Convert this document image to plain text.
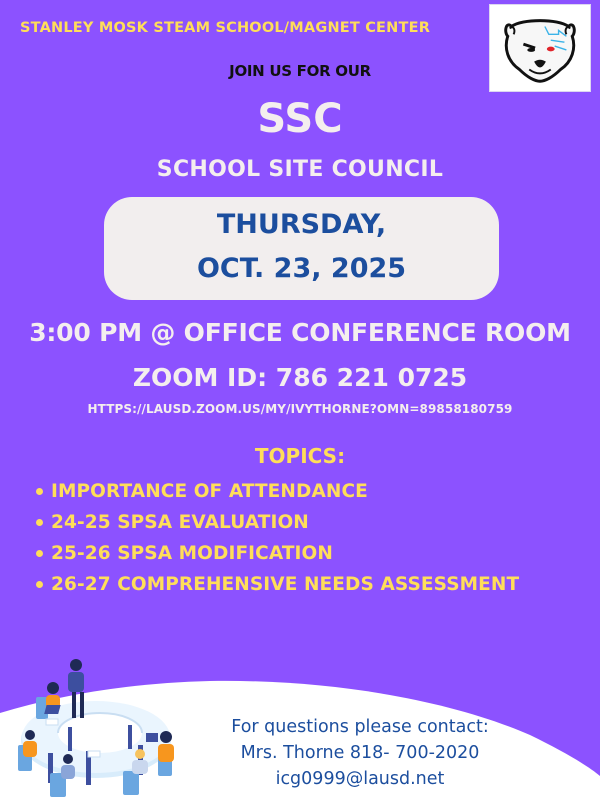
STANLEY MOSK STEAM SCHOOL/MAGNET CENTER
JOIN US FOR OUR
SSC
SCHOOL SITE COUNCIL
THURSDAY,
OCT. 23, 2025
3:00 PM @ OFFICE CONFERENCE ROOM
ZOOM ID: 786 221 0725
HTTPS://LAUSD.ZOOM.US/MY/IVYTHORNE?OMN=89858180759
TOPICS:
IMPORTANCE OF ATTENDANCE
24-25 SPSA EVALUATION
25-26 SPSA MODIFICATION
26-27 COMPREHENSIVE NEEDS ASSESSMENT
For questions please contact:
Mrs. Thorne 818- 700-2020
icg0999@lausd.net
